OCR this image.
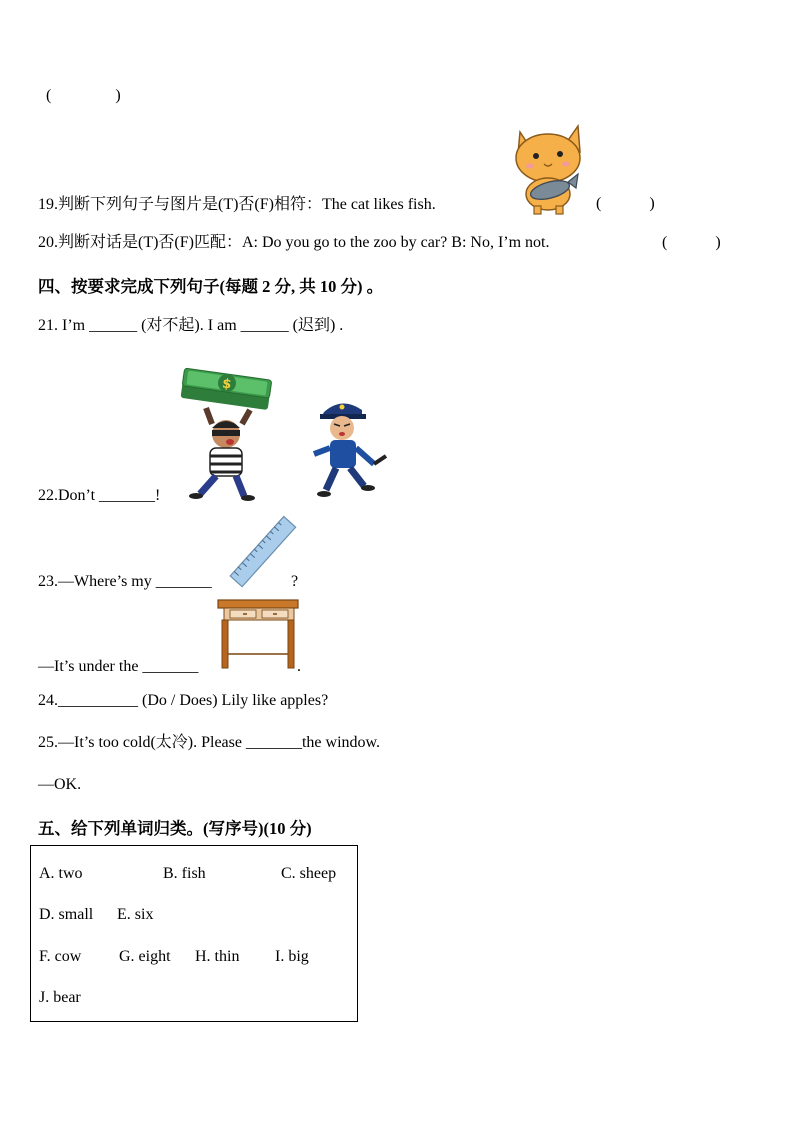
(　　　　)
19.判断下列句子与图片是(T)否(F)相符：The cat likes fish.	(　　　)
20.判断对话是(T)否(F)匹配：A: Do you go to the zoo by car? B: No, I’m not.	(　　　)
四、按要求完成下列句子(每题 2 分, 共 10 分) 。
21. I’m ______ (对不起). I am ______ (迟到) .
$
22.Don’t _______!
23.—Where’s my _______	?
—It’s under the _______	.
24.__________ (Do / Does) Lily like apples?
25.—It’s too cold(太冷). Please _______the window.
—OK.
五、给下列单词归类。(写序号)(10 分)
A. two	B. fish	C. sheep
D. small E. six
F. cow G. eight H. thin I. big
J. bear
